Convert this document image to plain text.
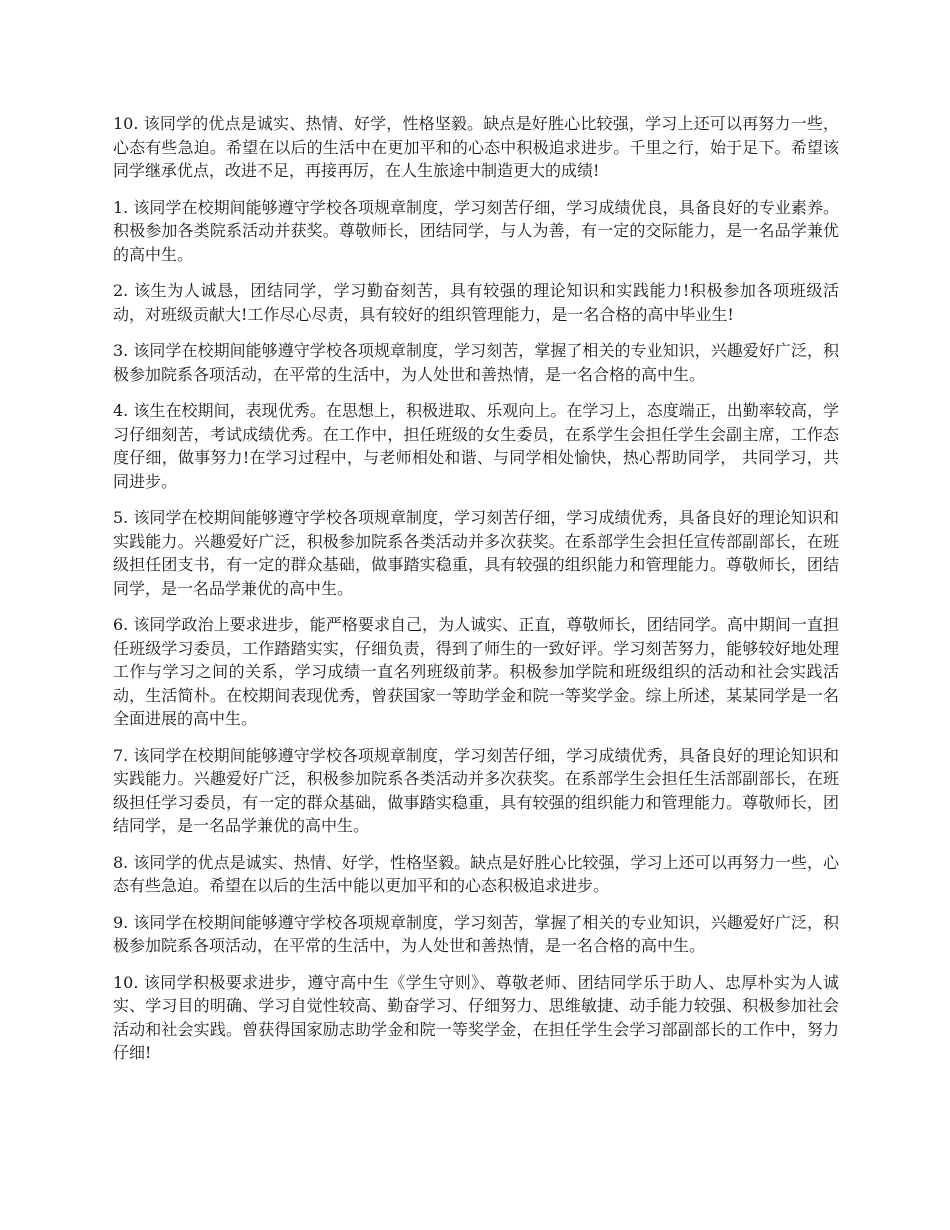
10. 该同学的优点是诚实、热情、好学，性格坚毅。缺点是好胜心比较强，学习上还可以再努力一些，心态有些急迫。希望在以后的生活中在更加平和的心态中积极追求进步。千里之行，始于足下。希望该同学继承优点，改进不足，再接再厉，在人生旅途中制造更大的成绩!

1. 该同学在校期间能够遵守学校各项规章制度，学习刻苦仔细，学习成绩优良，具备良好的专业素养。积极参加各类院系活动并获奖。尊敬师长，团结同学，与人为善，有一定的交际能力，是一名品学兼优的高中生。

2. 该生为人诚恳，团结同学，学习勤奋刻苦，具有较强的理论知识和实践能力!积极参加各项班级活动，对班级贡献大!工作尽心尽责，具有较好的组织管理能力，是一名合格的高中毕业生!

3. 该同学在校期间能够遵守学校各项规章制度，学习刻苦，掌握了相关的专业知识，兴趣爱好广泛，积极参加院系各项活动，在平常的生活中，为人处世和善热情，是一名合格的高中生。

4. 该生在校期间，表现优秀。在思想上，积极进取、乐观向上。在学习上，态度端正，出勤率较高，学习仔细刻苦，考试成绩优秀。在工作中，担任班级的女生委员，在系学生会担任学生会副主席，工作态度仔细，做事努力!在学习过程中，与老师相处和谐、与同学相处愉快，热心帮助同学， 共同学习，共同进步。

5. 该同学在校期间能够遵守学校各项规章制度，学习刻苦仔细，学习成绩优秀，具备良好的理论知识和实践能力。兴趣爱好广泛，积极参加院系各类活动并多次获奖。在系部学生会担任宣传部副部长，在班级担任团支书，有一定的群众基础，做事踏实稳重，具有较强的组织能力和管理能力。尊敬师长，团结同学，是一名品学兼优的高中生。

6. 该同学政治上要求进步，能严格要求自己，为人诚实、正直，尊敬师长，团结同学。高中期间一直担任班级学习委员，工作踏踏实实，仔细负责，得到了师生的一致好评。学习刻苦努力，能够较好地处理工作与学习之间的关系，学习成绩一直名列班级前茅。积极参加学院和班级组织的活动和社会实践活动，生活简朴。在校期间表现优秀，曾获国家一等助学金和院一等奖学金。综上所述，某某同学是一名全面进展的高中生。

7. 该同学在校期间能够遵守学校各项规章制度，学习刻苦仔细，学习成绩优秀，具备良好的理论知识和实践能力。兴趣爱好广泛，积极参加院系各类活动并多次获奖。在系部学生会担任生活部副部长，在班级担任学习委员，有一定的群众基础，做事踏实稳重，具有较强的组织能力和管理能力。尊敬师长，团结同学，是一名品学兼优的高中生。

8. 该同学的优点是诚实、热情、好学，性格坚毅。缺点是好胜心比较强，学习上还可以再努力一些，心态有些急迫。希望在以后的生活中能以更加平和的心态积极追求进步。

9. 该同学在校期间能够遵守学校各项规章制度，学习刻苦，掌握了相关的专业知识，兴趣爱好广泛，积极参加院系各项活动，在平常的生活中，为人处世和善热情，是一名合格的高中生。

10. 该同学积极要求进步，遵守高中生《学生守则》、尊敬老师、团结同学乐于助人、忠厚朴实为人诚实、学习目的明确、学习自觉性较高、勤奋学习、仔细努力、思维敏捷、动手能力较强、积极参加社会活动和社会实践。曾获得国家励志助学金和院一等奖学金，在担任学生会学习部副部长的工作中，努力仔细!
